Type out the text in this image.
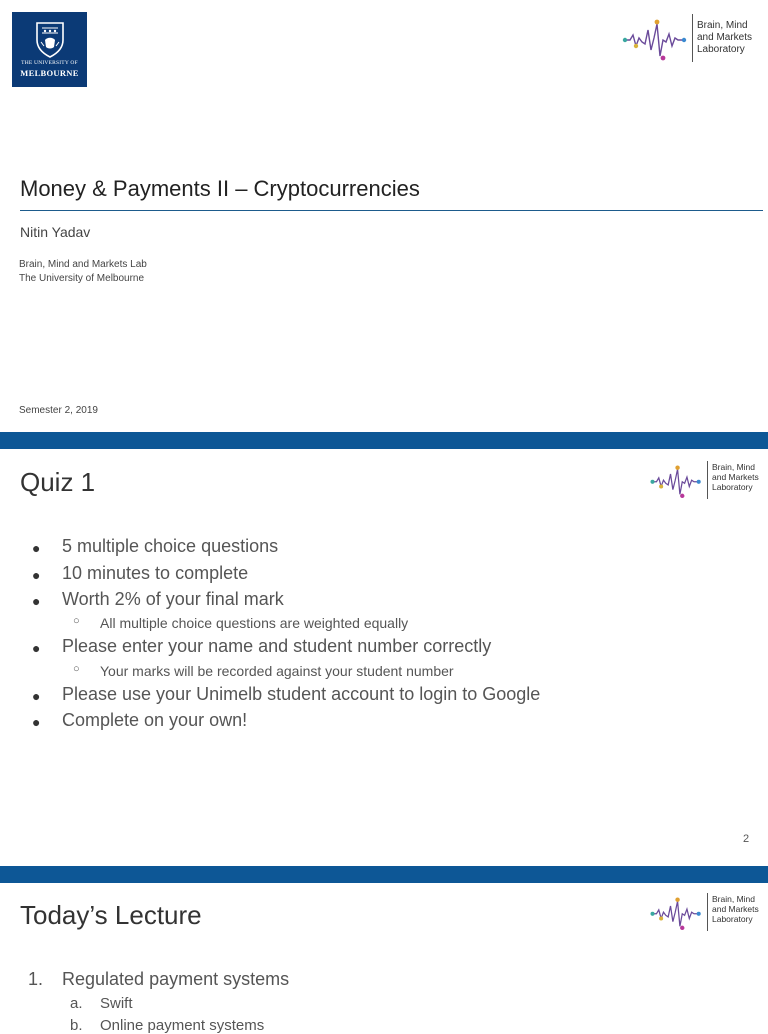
THE UNIVERSITY OF
MELBOURNE
Brain, Mind
and Markets
Laboratory
Money & Payments II – Cryptocurrencies
Nitin Yadav
Brain, Mind and Markets Lab
The University of Melbourne
Semester 2, 2019
Quiz 1	Brain, Mind
and Markets
Laboratory
● 5 multiple choice questions
● 10 minutes to complete
● Worth 2% of your final mark
○ All multiple choice questions are weighted equally
● Please enter your name and student number correctly
○ Your marks will be recorded against your student number
● Please use your Unimelb student account to login to Google
● Complete on your own!
2
Today’s Lecture
Brain, Mind
and Markets
Laboratory
1. Regulated payment systems
a. Swift
b. Online payment systems
